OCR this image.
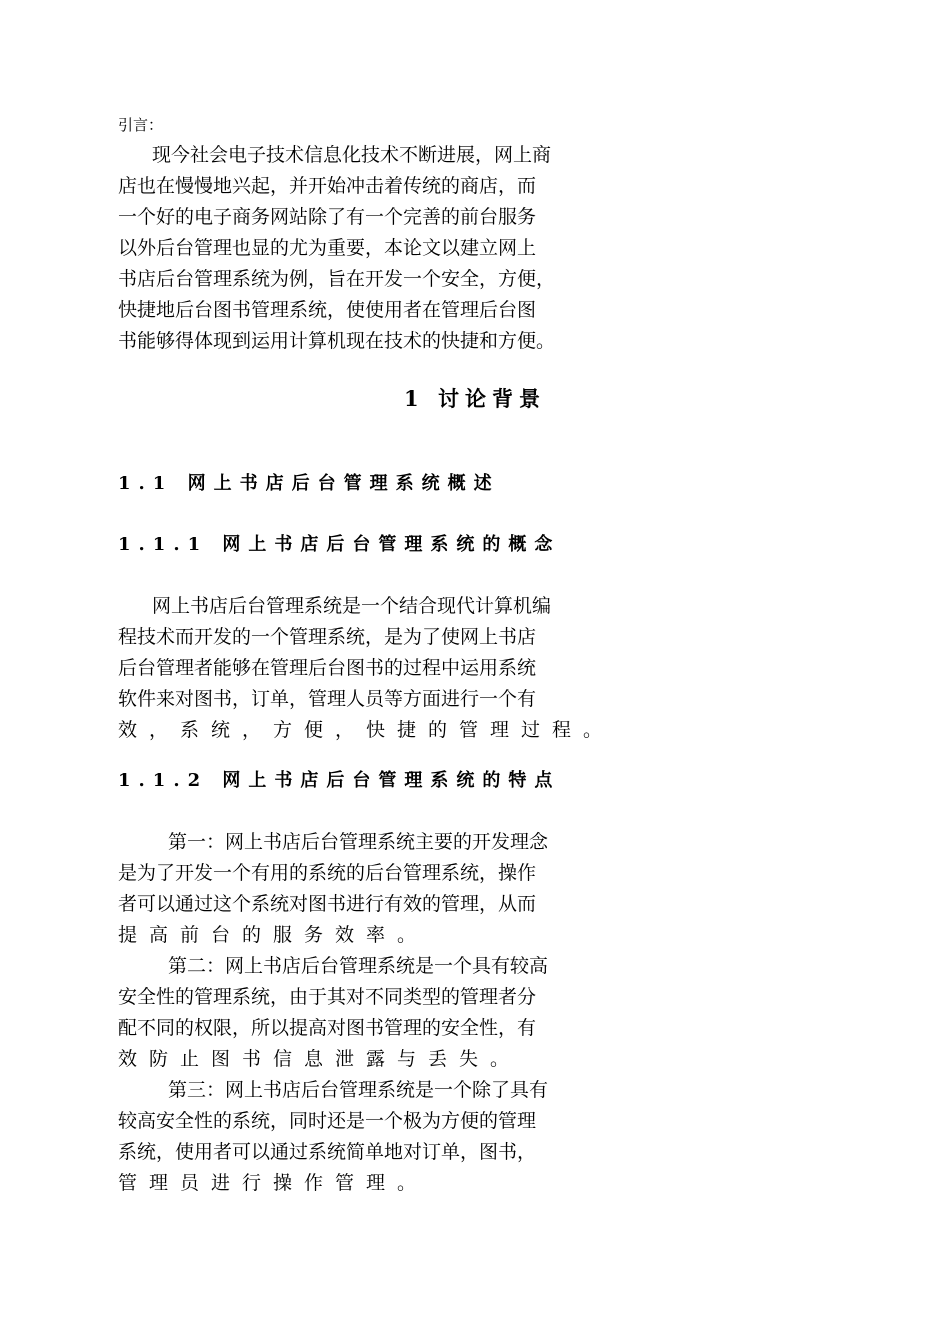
引言：
现今社会电子技术信息化技术不断进展，网上商
店也在慢慢地兴起，并开始冲击着传统的商店，而
一个好的电子商务网站除了有一个完善的前台服务
以外后台管理也显的尤为重要，本论文以建立网上
书店后台管理系统为例，旨在开发一个安全，方便，
快捷地后台图书管理系统，使使用者在管理后台图
书能够得体现到运用计算机现在技术的快捷和方便。
1 讨论背景
1.1 网上书店后台管理系统概述
1.1.1 网上书店后台管理系统的概念
网上书店后台管理系统是一个结合现代计算机编
程技术而开发的一个管理系统，是为了使网上书店
后台管理者能够在管理后台图书的过程中运用系统
软件来对图书，订单，管理人员等方面进行一个有
效，系统，方便，快捷的管理过程。
1.1.2 网上书店后台管理系统的特点
第一：网上书店后台管理系统主要的开发理念
是为了开发一个有用的系统的后台管理系统，操作
者可以通过这个系统对图书进行有效的管理，从而
提高前台的服务效率。
第二：网上书店后台管理系统是一个具有较高
安全性的管理系统，由于其对不同类型的管理者分
配不同的权限，所以提高对图书管理的安全性，有
效防止图书信息泄露与丢失。
第三：网上书店后台管理系统是一个除了具有
较高安全性的系统，同时还是一个极为方便的管理
系统，使用者可以通过系统简单地对订单，图书，
管理员进行操作管理。
